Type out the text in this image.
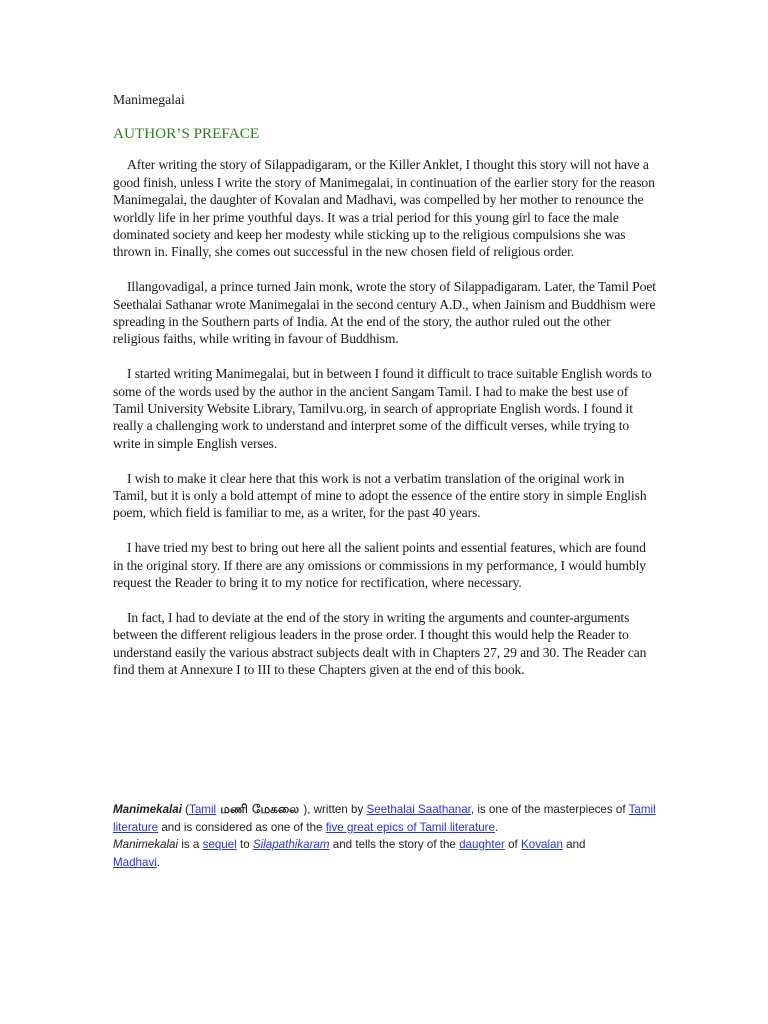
Manimegalai

AUTHOR’S PREFACE

After writing the story of Silappadigaram, or the Killer Anklet, I thought this story will not have a good finish, unless I write the story of Manimegalai, in continuation of the earlier story for the reason Manimegalai, the daughter of Kovalan and Madhavi, was compelled by her mother to renounce the worldly life in her prime youthful days. It was a trial period for this young girl to face the male dominated society and keep her modesty while sticking up to the religious compulsions she was thrown in. Finally, she comes out successful in the new chosen field of religious order.

Illangovadigal, a prince turned Jain monk, wrote the story of Silappadigaram. Later, the Tamil Poet Seethalai Sathanar wrote Manimegalai in the second century A.D., when Jainism and Buddhism were spreading in the Southern parts of India. At the end of the story, the author ruled out the other religious faiths, while writing in favour of Buddhism.

I started writing Manimegalai, but in between I found it difficult to trace suitable English words to some of the words used by the author in the ancient Sangam Tamil. I had to make the best use of Tamil University Website Library, Tamilvu.org, in search of appropriate English words. I found it really a challenging work to understand and interpret some of the difficult verses, while trying to write in simple English verses.

I wish to make it clear here that this work is not a verbatim translation of the original work in Tamil, but it is only a bold attempt of mine to adopt the essence of the entire story in simple English poem, which field is familiar to me, as a writer, for the past 40 years.

I have tried my best to bring out here all the salient points and essential features, which are found in the original story. If there are any omissions or commissions in my performance, I would humbly request the Reader to bring it to my notice for rectification, where necessary.

In fact, I had to deviate at the end of the story in writing the arguments and counter-arguments between the different religious leaders in the prose order. I thought this would help the Reader to understand easily the various abstract subjects dealt with in Chapters 27, 29 and 30. The Reader can find them at Annexure I to III to these Chapters given at the end of this book.

Manimekalai (Tamil மணி மேகலை ), written by Seethalai Saathanar, is one of the masterpieces of Tamil literature and is considered as one of the five great epics of Tamil literature.
Manimekalai is a sequel to Silapathikaram and tells the story of the daughter of Kovalan and
Madhavi.
